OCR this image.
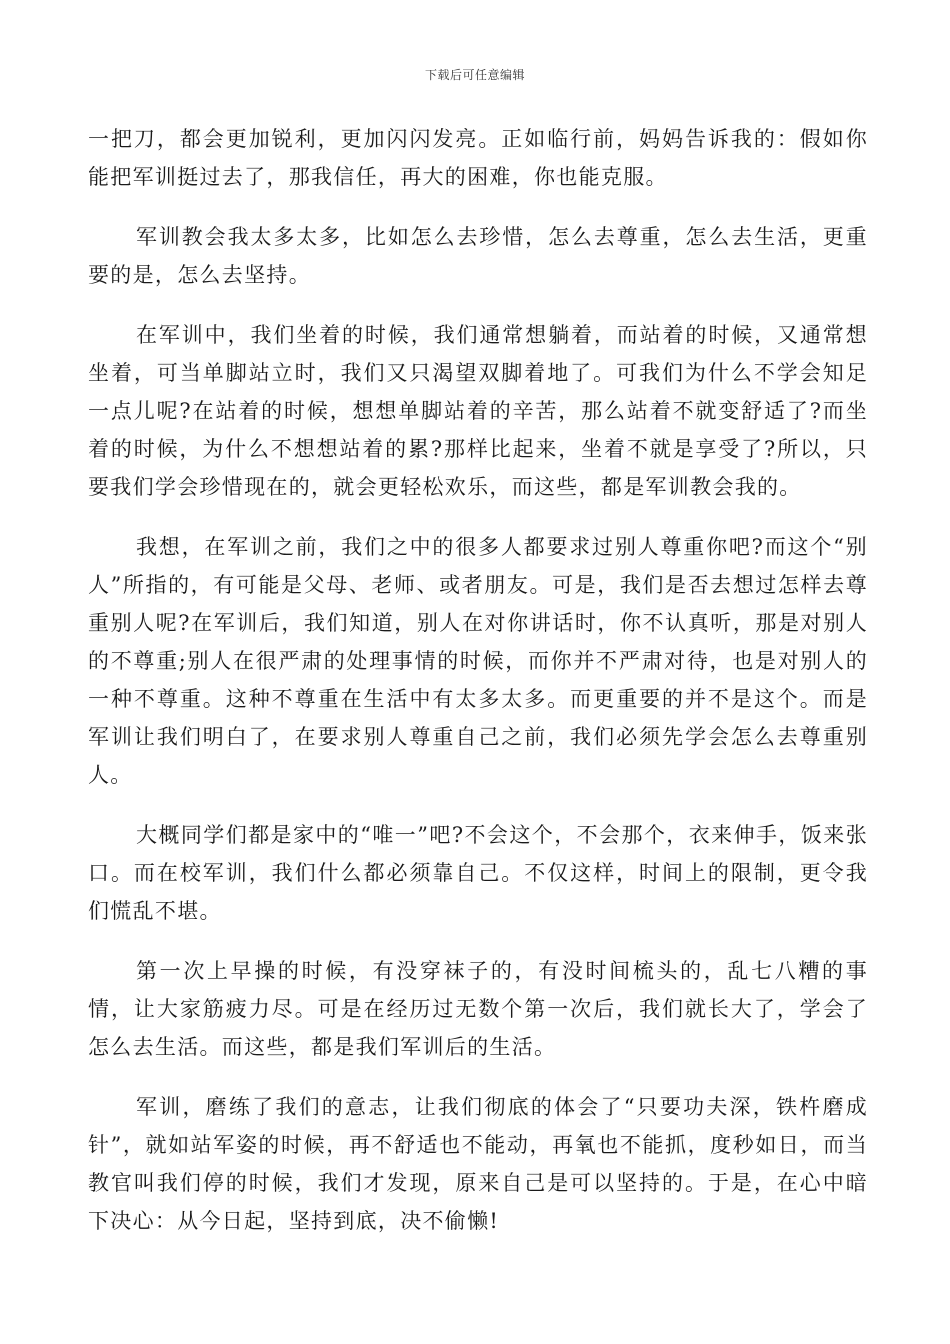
下载后可任意编辑

一把刀，都会更加锐利，更加闪闪发亮。正如临行前，妈妈告诉我的：假如你能把军训挺过去了，那我信任，再大的困难，你也能克服。

军训教会我太多太多，比如怎么去珍惜，怎么去尊重，怎么去生活，更重要的是，怎么去坚持。

在军训中，我们坐着的时候，我们通常想躺着，而站着的时候，又通常想坐着，可当单脚站立时，我们又只渴望双脚着地了。可我们为什么不学会知足一点儿呢?在站着的时候，想想单脚站着的辛苦，那么站着不就变舒适了?而坐着的时候，为什么不想想站着的累?那样比起来，坐着不就是享受了?所以，只要我们学会珍惜现在的，就会更轻松欢乐，而这些，都是军训教会我的。

我想，在军训之前，我们之中的很多人都要求过别人尊重你吧?而这个“别人”所指的，有可能是父母、老师、或者朋友。可是，我们是否去想过怎样去尊重别人呢?在军训后，我们知道，别人在对你讲话时，你不认真听，那是对别人的不尊重;别人在很严肃的处理事情的时候，而你并不严肃对待，也是对别人的一种不尊重。这种不尊重在生活中有太多太多。而更重要的并不是这个。而是军训让我们明白了，在要求别人尊重自己之前，我们必须先学会怎么去尊重别人。

大概同学们都是家中的“唯一”吧?不会这个，不会那个，衣来伸手，饭来张口。而在校军训，我们什么都必须靠自己。不仅这样，时间上的限制，更令我们慌乱不堪。

第一次上早操的时候，有没穿袜子的，有没时间梳头的，乱七八糟的事情，让大家筋疲力尽。可是在经历过无数个第一次后，我们就长大了，学会了怎么去生活。而这些，都是我们军训后的生活。

军训，磨练了我们的意志，让我们彻底的体会了“只要功夫深，铁杵磨成针”，就如站军姿的时候，再不舒适也不能动，再氧也不能抓，度秒如日，而当教官叫我们停的时候，我们才发现，原来自己是可以坚持的。于是，在心中暗下决心：从今日起，坚持到底，决不偷懒!
